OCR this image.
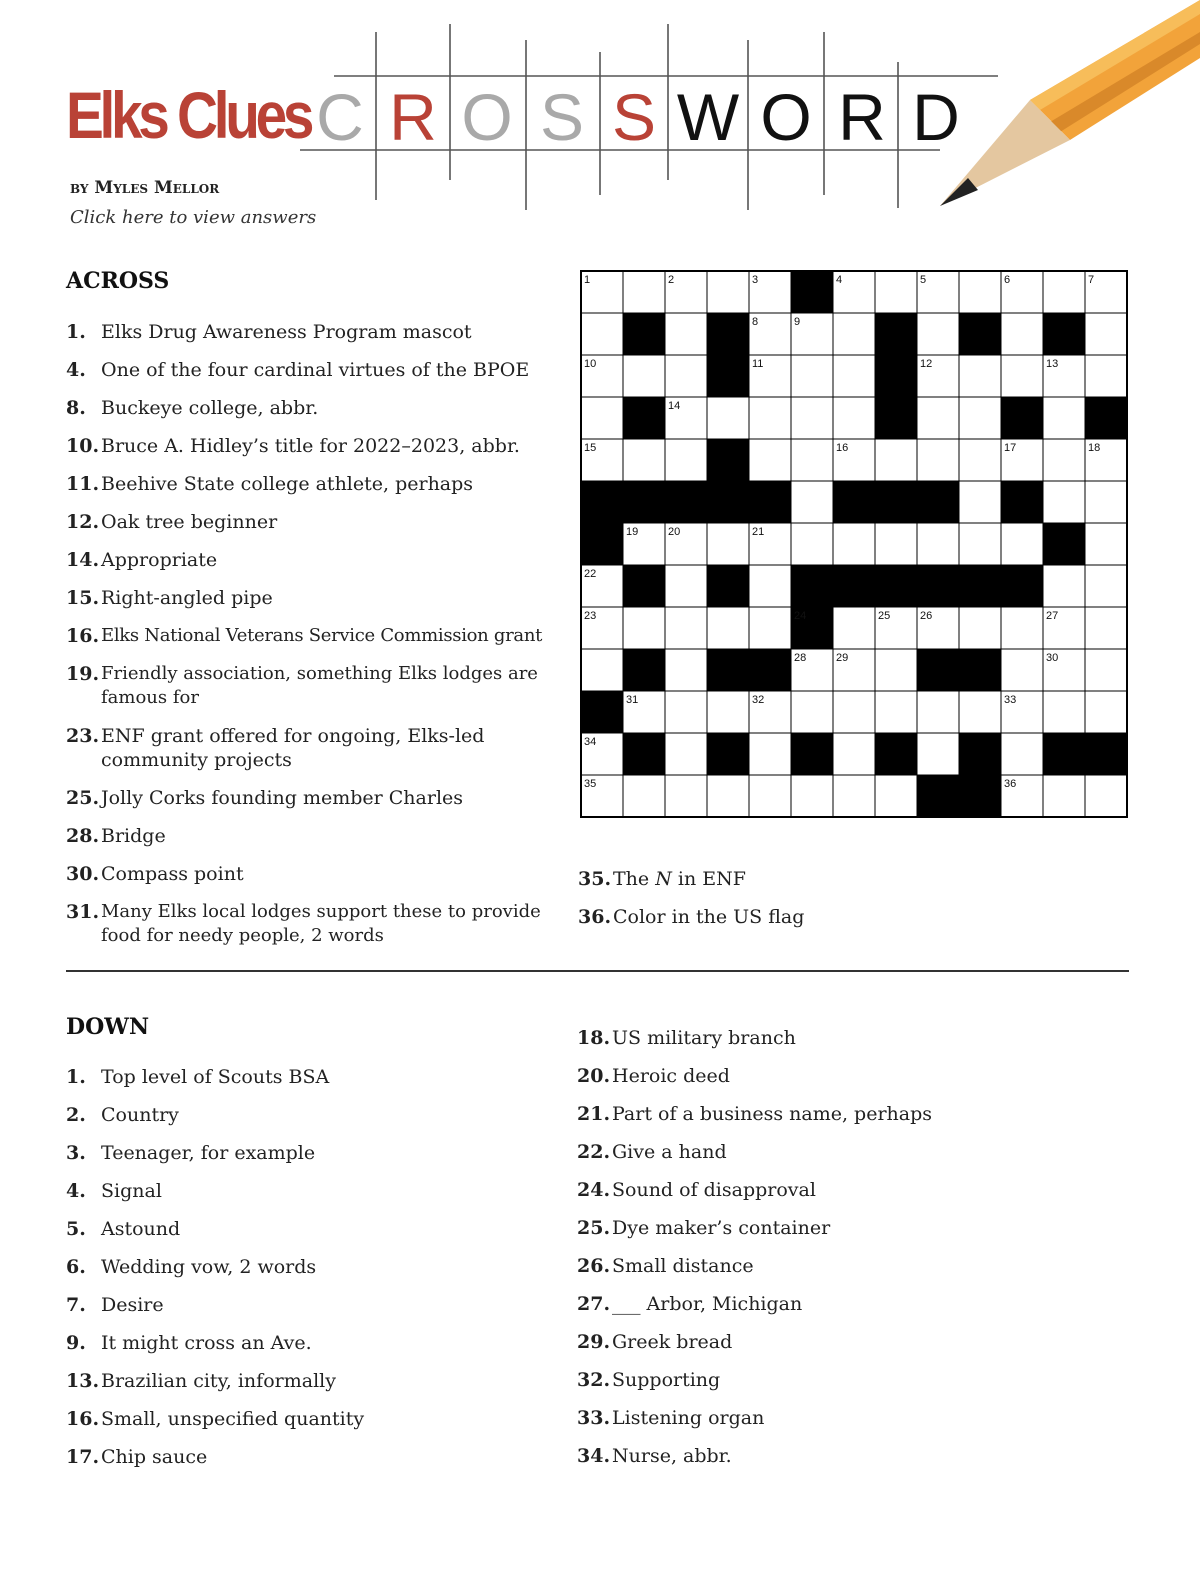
C R O S S W O R D
Elks Clues
by Myles Mellor
Click here to view answers
ACROSS
1. Elks Drug Awareness Program mascot
4. One of the four cardinal virtues of the BPOE
8. Buckeye college, abbr.
10. Bruce A. Hidley’s title for 2022–2023, abbr.
11. Beehive State college athlete, perhaps
12. Oak tree beginner
14. Appropriate
15. Right-angled pipe
16. Elks National Veterans Service Commission grant
19. Friendly association, something Elks lodges are
famous for
23. ENF grant offered for ongoing, Elks-led
community projects
25. Jolly Corks founding member Charles
28. Bridge
30. Compass point
31. Many Elks local lodges support these to provide
food for needy people, 2 words
35. The N in ENF
36. Color in the US flag
1	2	3	4	5	6	7
8	9
10	11	12	13
14
15	16	17	18
19	20	21
22
23	24	25	26	27
28	29	30
31	32	33
34
35	36
DOWN
1. Top level of Scouts BSA
2. Country
3. Teenager, for example
4. Signal
5. Astound
6. Wedding vow, 2 words
7. Desire
9. It might cross an Ave.
13. Brazilian city, informally
16. Small, unspecified quantity
17. Chip sauce
18. US military branch
20. Heroic deed
21. Part of a business name, perhaps
22. Give a hand
24. Sound of disapproval
25. Dye maker’s container
26. Small distance
27. ___ Arbor, Michigan
29. Greek bread
32. Supporting
33. Listening organ
34. Nurse, abbr.
